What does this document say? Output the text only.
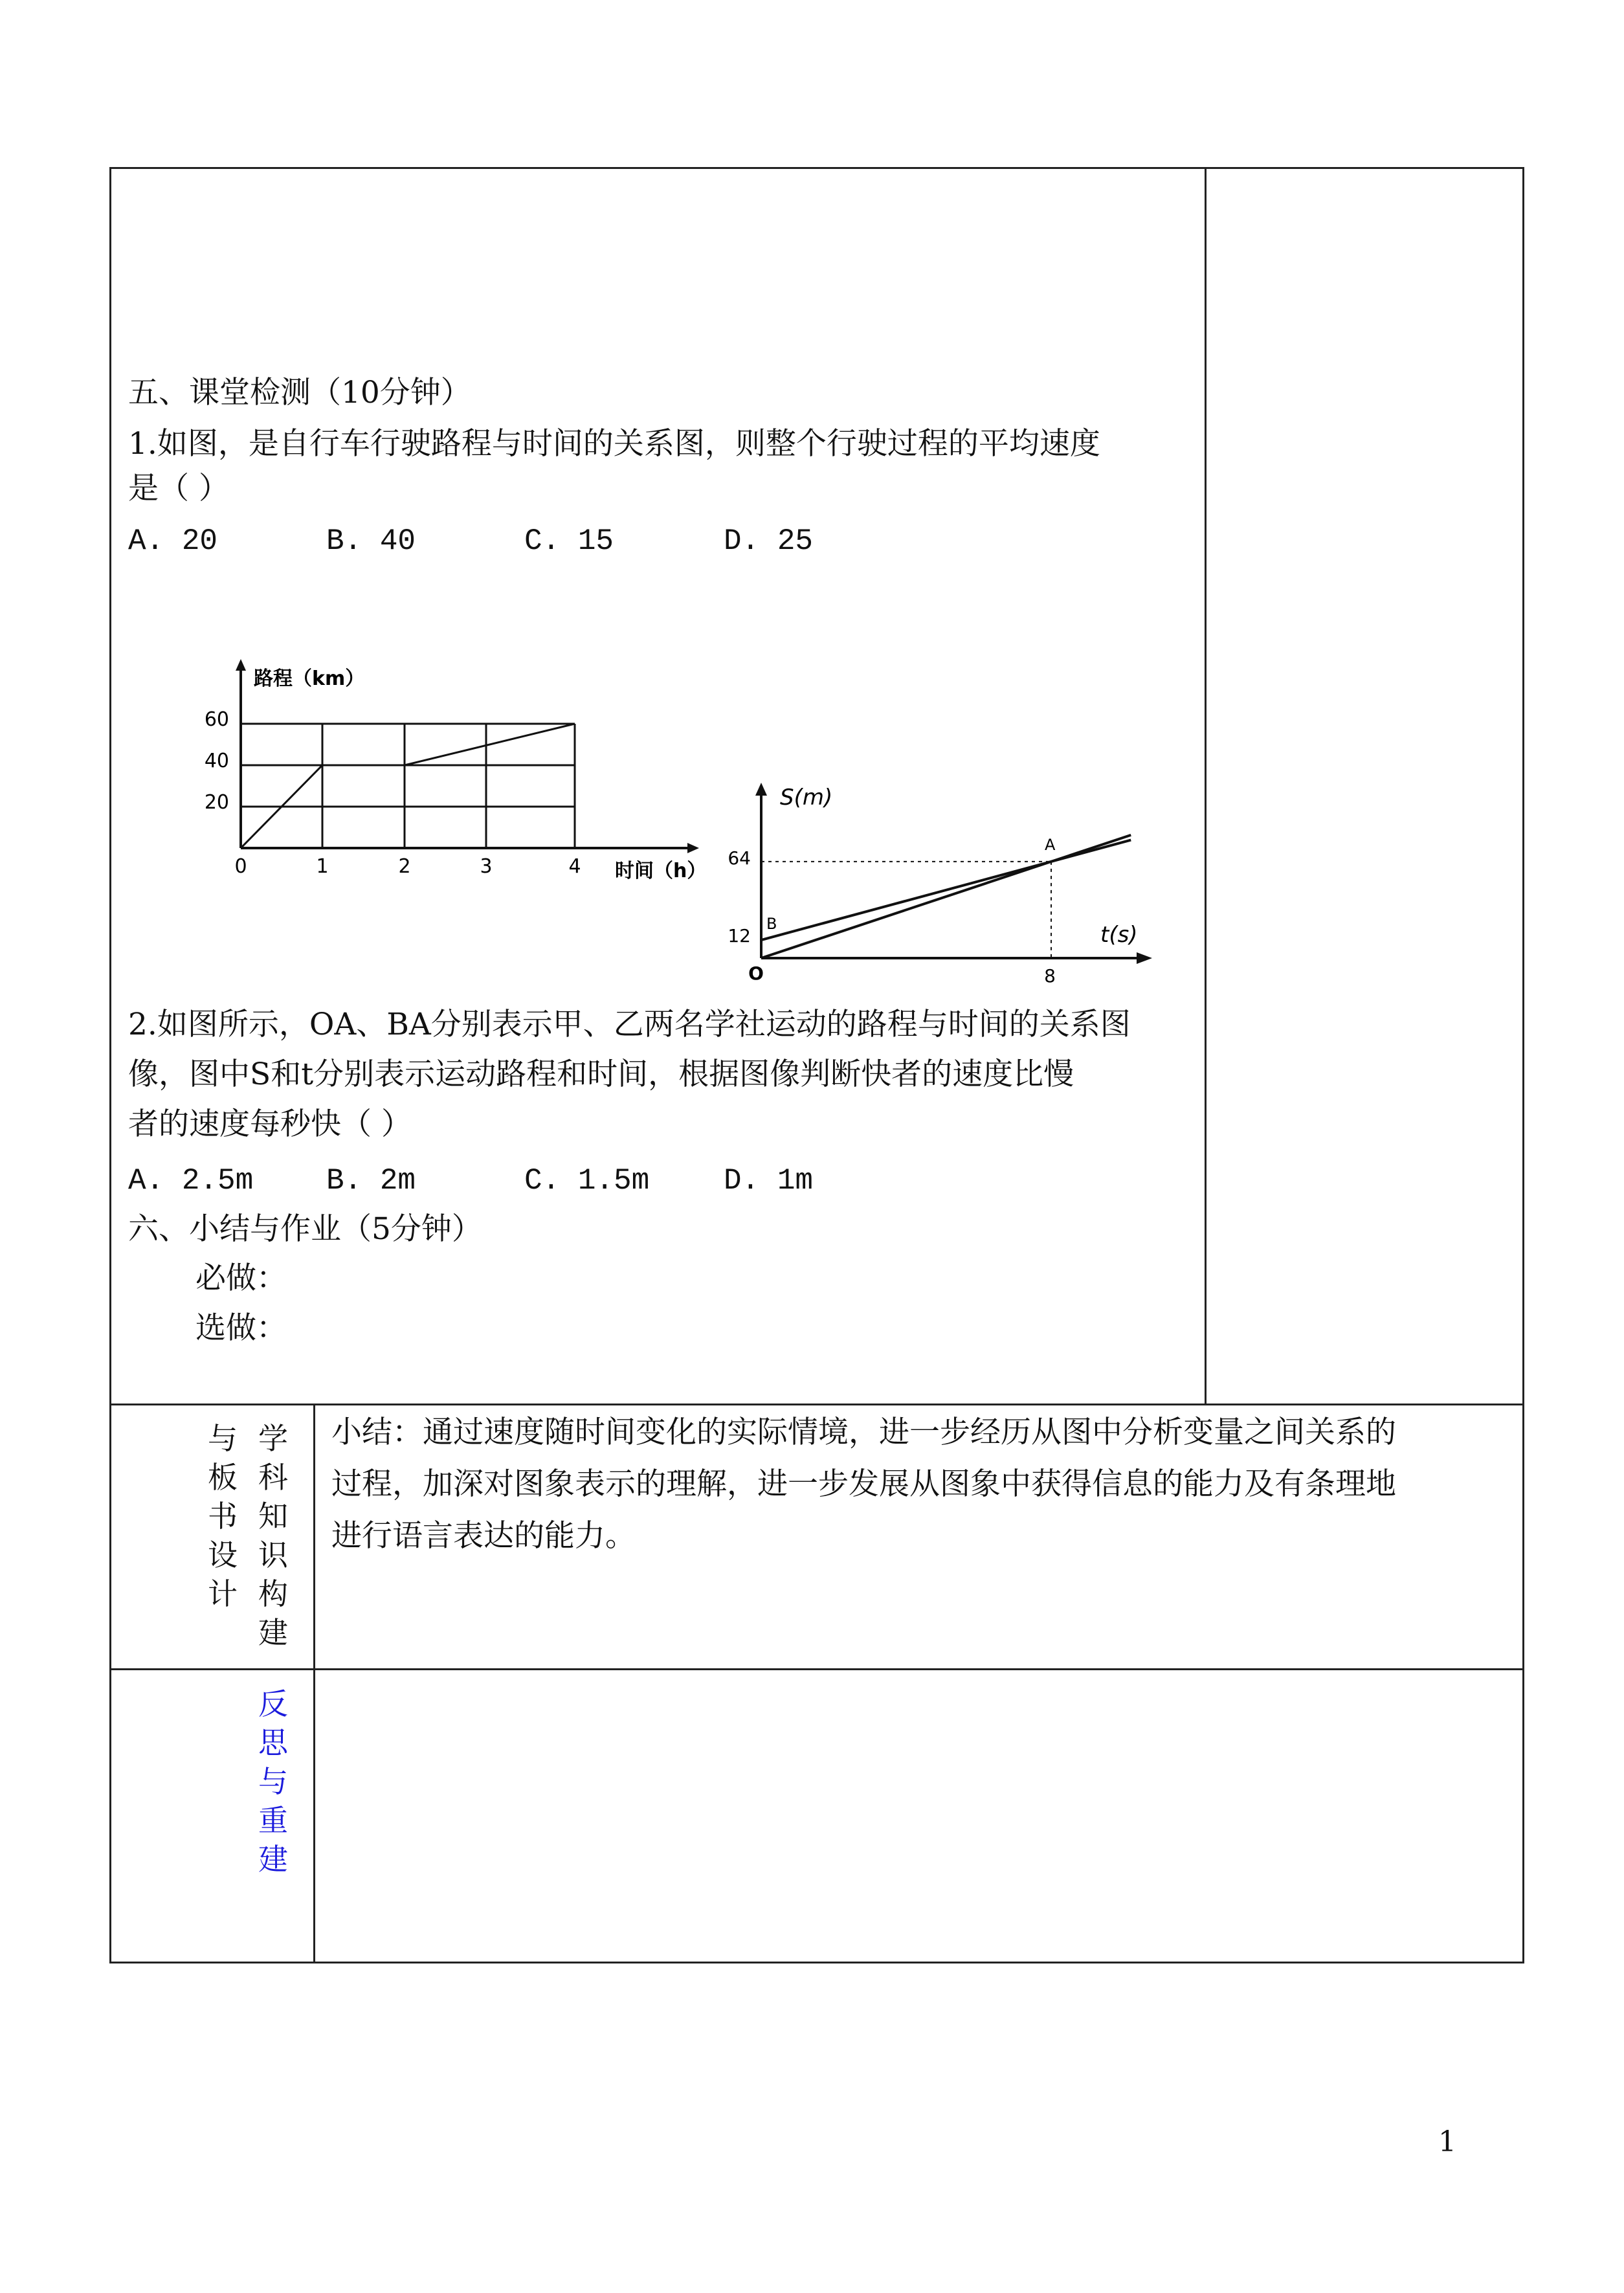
五、课堂检测（10分钟）
1.如图，是自行车行驶路程与时间的关系图，则整个行驶过程的平均速度
是（ ）
A. 20	B. 40	C. 15	D. 25
路程（km）
时间（h）
60
40
20
0	1	2	3	4
S(m)
t(s)
64
12
O	8
A
B
2.如图所示，OA、BA分别表示甲、乙两名学社运动的路程与时间的关系图
像，图中S和t分别表示运动路程和时间，根据图像判断快者的速度比慢
者的速度每秒快（ ）
A. 2.5m B. 2m	C. 1.5m D. 1m
六、小结与作业（5分钟）
必做：
选做：
学科知识构建
与板书设计
小结：通过速度随时间变化的实际情境，进一步经历从图中分析变量之间关系的
过程，加深对图象表示的理解，进一步发展从图象中获得信息的能力及有条理地
进行语言表达的能力。
反思与重建
1
